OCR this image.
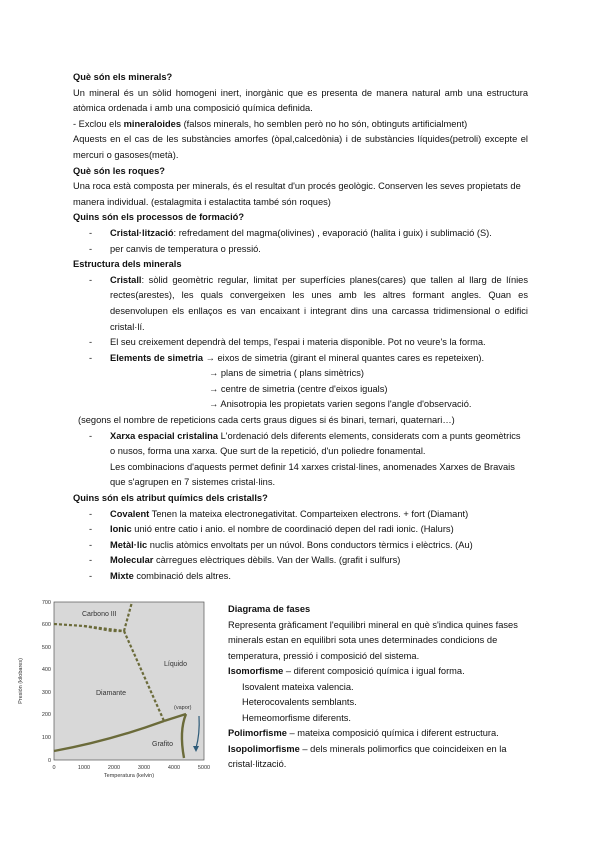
Què són els minerals?

Un mineral és un sòlid homogeni inert, inorgànic que es presenta de manera natural amb una estructura atòmica ordenada i amb una composició química definida.

- Exclou els mineraloides (falsos minerals, ho semblen però no ho són, obtinguts artificialment)

Aquests en el cas de les substàncies amorfes (òpal,calcedònia) i de substàncies líquides(petroli) excepte el mercuri o gasoses(metà).

Què són les roques?

Una roca està composta per minerals, és el resultat d'un procés geològic. Conserven les seves propietats de manera individual. (estalagmita i estalactita també són roques)

Quins són els processos de formació?

- Cristal·lització: refredament del magma(olivines) , evaporació (halita i guix) i sublimació (S).
- per canvis de temperatura o pressió.

Estructura dels minerals

- Cristall: sòlid geomètric regular, limitat per superfícies planes(cares) que tallen al llarg de línies rectes(arestes), les quals convergeixen les unes amb les altres formant angles. Quan es desenvolupen els enllaços es van encaixant i integrant dins una carcassa tridimensional o edifici cristal·lí.
- El seu creixement dependrà del temps, l'espai i materia disponible. Pot no veure's la forma.
- Elements de simetria → eixos de simetria (girant el mineral quantes cares es repeteixen).
→ plans de simetria ( plans simètrics)
→ centre de simetria (centre d'eixos iguals)
→ Anisotropia les propietats varien segons l'angle d'observació.
(segons el nombre de repeticions cada certs graus digues si és binari, ternari, quaternari…)
- Xarxa espacial cristalina L'ordenació dels diferents elements, considerats com a punts geomètrics o nusos, forma una xarxa. Que surt de la repetició, d'un poliedre fonamental.
Les combinacions d'aquests permet definir 14 xarxes cristal·lines, anomenades Xarxes de Bravais que s'agrupen en 7 sistemes cristal·lins.

Quins són els atribut químics dels cristalls?

- Covalent Tenen la mateixa electronegativitat. Comparteixen electrons. + fort (Diamant)
- Ionic unió entre catio i anio. el nombre de coordinació depen del radi ionic. (Halurs)
- Metàl·lic nuclis atòmics envoltats per un núvol. Bons conductors tèrmics i elèctrics. (Au)
- Molecular càrregues elèctriques dèbils. Van der Walls. (grafit i sulfurs)
- Mixte combinació dels altres.
700
600
500
400
300
200
100
0
0	1000	2000	3000	4000	5000
Temperatura (kelvin)
Presión (kilobares)
Carbono III
Líquido
Diamante
(vapor)
Grafito

Diagrama de fases

Representa gràficament l'equilibri mineral en què s'indica quines fases minerals estan en equilibri sota unes determinades condicions de temperatura, pressió i composició del sistema.

Isomorfisme – diferent composició química i igual forma.

Isovalent mateixa valencia.

Heterocovalents semblants.

Hemeomorfisme diferents.

Polimorfisme – mateixa composició química i diferent estructura.

Isopolimorfisme – dels minerals polimorfics que coincideixen en la cristal·lització.
